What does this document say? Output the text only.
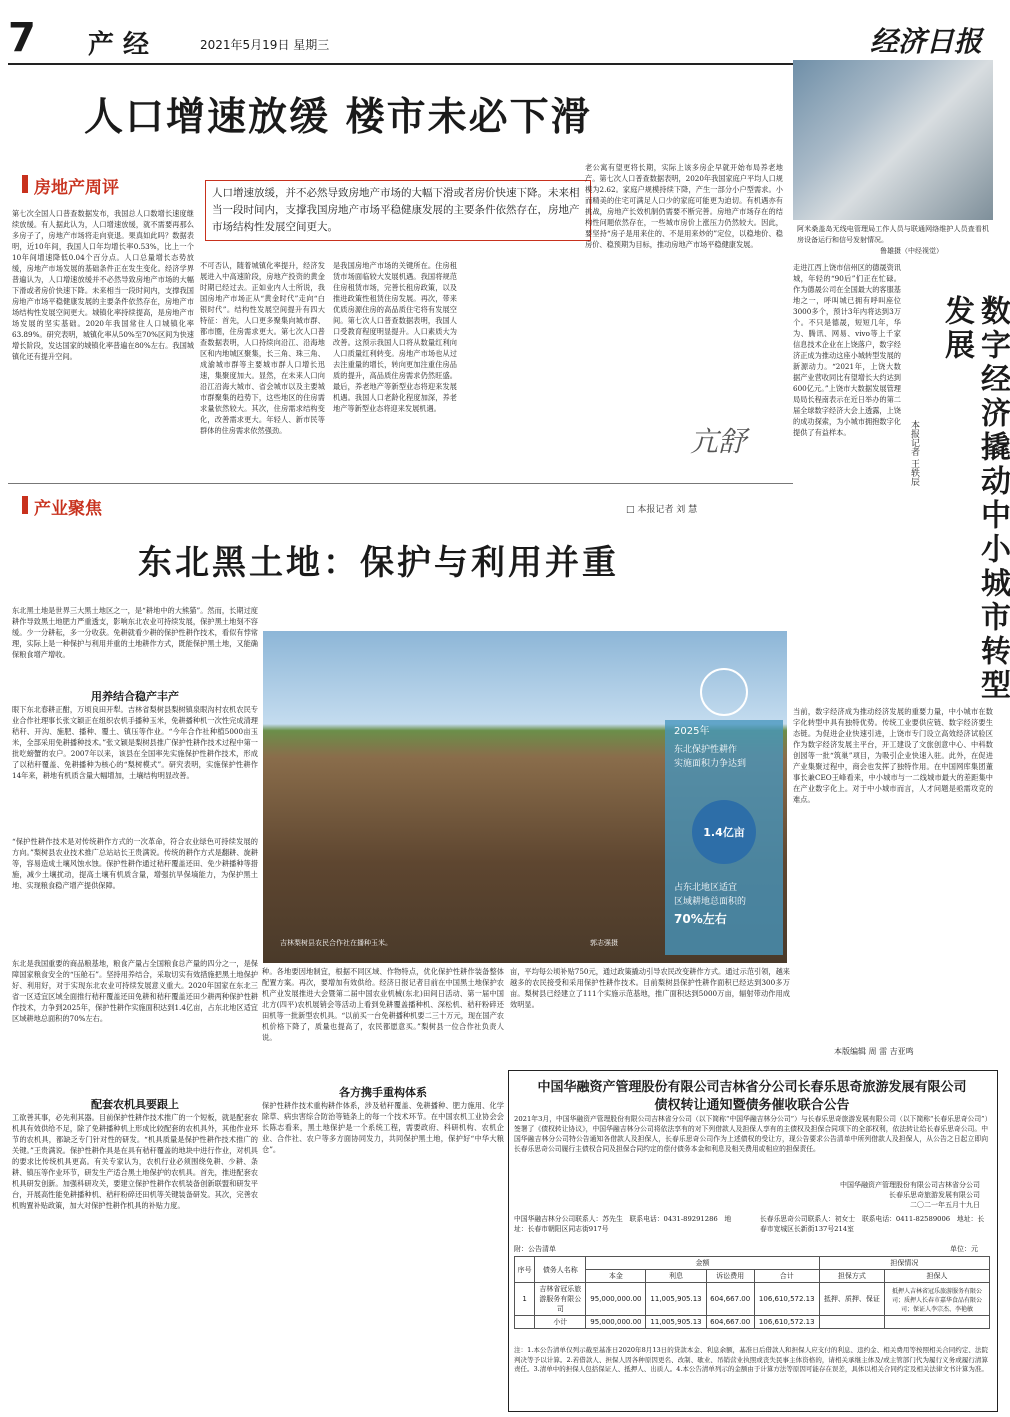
7 产 经	2021年5月19日 星期三	经济日报
人口增速放缓 楼市未必下滑
房地产周评	人口增速放缓，并不必然导致房地产市场的大幅下滑或者房价快速下降。未来相当一段时间内，支撑我国房地产市场平稳健康发展的主要条件依然存在，房地产市场结构性发展空间更大。
第七次全国人口普查数据发布，我国总人口数增长速度继续放缓。有人据此认为，人口增速放缓，就不需要再那么多房子了，房地产市场将走向衰退。果真如此吗？数据表明，近10年间，我国人口年均增长率0.53%，比上一个10年间增速降低0.04个百分点。人口总量增长态势放缓，房地产市场发展的基础条件正在发生变化。经济学界普遍认为，人口增速放缓并不必然导致房地产市场的大幅下滑或者房价快速下降。未来相当一段时间内，支撑我国房地产市场平稳健康发展的主要条件依然存在，房地产市场结构性发展空间更大。城镇化率持续提高，是房地产市场发展的坚实基础。2020年我国常住人口城镇化率63.89%。研究表明，城镇化率从50%至70%区间为快速增长阶段，发达国家的城镇化率普遍在80%左右。我国城镇化还有提升空间。
不可否认，随着城镇化率提升，经济发展进入中高速阶段，房地产投资的黄金时期已经过去。正如业内人士所说，我国房地产市场正从“黄金时代”走向“白银时代”。结构性发展空间提升有四大特征：首先，人口更多聚集向城市群、都市圈，住房需求更大。第七次人口普查数据表明，人口持续向沿江、沿海地区和内地城区聚集，长三角、珠三角、成渝城市群等主要城市群人口增长迅速，集聚度加大。显然，在未来人口向沿江沿海大城市、省会城市以及主要城市群聚集的趋势下，这些地区的住房需求量依然较大。其次，住房需求结构变化，改善需求更大。年轻人、新市民等群体的住房需求依然强劲。
是我国房地产市场的关键所在。住房租赁市场面临较大发展机遇。我国将规范住房租赁市场，完善长租房政策，以及推进政策性租赁住房发展。再次，带来优质房源住房的高品质住宅将有发展空间。第七次人口普查数据表明，我国人口受教育程度明显提升。人口素质大为改善。这预示我国人口将从数量红利向人口质量红利转变。房地产市场也从过去注重量的增长，转向更加注重住房品质的提升，高品质住房需求仍然旺盛。最后，养老地产等新型业态将迎来发展机遇。我国人口老龄化程度加深，养老地产等新型业态将迎来发展机遇。
老公寓有望更将长期，实际上该多房企早就开始布局养老地产。第七次人口普查数据表明，2020年我国家庭户平均人口规模为2.62。家庭户规模持续下降，产生一部分小户型需求。小而精美的住宅可满足人口少的家庭可能更为迫切。有机遇亦有挑战，房地产长效机制仍需要不断完善。房地产市场存在的结构性问题依然存在，一些城市房价上涨压力仍然较大。因此，要坚持“房子是用来住的、不是用来炒的”定位，以稳地价、稳房价、稳预期为目标，推动房地产市场平稳健康发展。
亢舒
产业聚焦	□ 本报记者 刘 慧
东北黑土地：保护与利用并重
东北黑土地是世界三大黑土地区之一，是“耕地中的大熊猫”。然而，长期过度耕作导致黑土地肥力严重透支，影响东北农业可持续发展，保护黑土地刻不容缓。少一分耕耘，多一分收获。免耕就看少耕的保护性耕作技术，看似有悖常理，实际上是一种保护与利用并重的土地耕作方式，既能保护黑土地，又能确保粮食增产增收。
用养结合稳产丰产
眼下东北春耕正酣，万顷良田开犁。吉林省梨树县梨树镇泉眼沟村农机农民专业合作社理事长张文颖正在组织农机手播种玉米，免耕播种机一次性完成清理秸秆、开沟、施肥、播种、覆土、镇压等作业。“今年合作社种植5000亩玉米，全部采用免耕播种技术。”张文颖是梨树县推广保护性耕作技术过程中第一批吃螃蟹的农户。2007年以来，该县在全国率先实施保护性耕作技术，形成了以秸秆覆盖、免耕播种为核心的“梨树模式”。研究表明，实施保护性耕作14年来，耕地有机质含量大幅增加，土壤结构明显改善。
“保护性耕作技术是对传统耕作方式的一次革命，符合农业绿色可持续发展的方向。”梨树县农业技术推广总站站长王贵满说。传统的耕作方式是翻耕、旋耕等，容易造成土壤风蚀水蚀。保护性耕作通过秸秆覆盖还田、免少耕播种等措施，减少土壤扰动，提高土壤有机质含量，增强抗旱保墒能力，为保护黑土地、实现粮食稳产增产提供保障。
种。各地要因地制宜，根据不同区域、作物特点，优化保护性耕作装备整体配置方案。再次，要增加有效供给。经济日报记者目前在中国黑土地保护农机产业发展推进大会暨第二届中国农业机械(东北)田间日活动、第一届中国北方(四平)农机展销会等活动上看到免耕覆盖播种机、深松机、秸秆粉碎还田机等一批新型农机具。“以前买一台免耕播种机要二三十万元，现在国产农机价格下降了，质量也提高了，农民都愿意买。”梨树县一位合作社负责人说。
东北是我国重要的商品粮基地，粮食产量占全国粮食总产量的四分之一，是保障国家粮食安全的“压舱石”。坚持用养结合，采取切实有效措施把黑土地保护好、利用好，对于实现东北农业可持续发展意义重大。2020年国家在东北三省一区适宜区域全面推行秸秆覆盖还田免耕和秸秆覆盖还田少耕两种保护性耕作技术，力争到2025年，保护性耕作实施面积达到1.4亿亩，占东北地区适宜区域耕地总面积的70%左右。
配套农机具要跟上
工欲善其事，必先利其器。目前保护性耕作技术推广的一个短板，就是配套农机具有效供给不足，除了免耕播种机上形成比较配套的农机具外，其他作业环节的农机具，都缺乏专门针对性的研发。“机具质量是保护性耕作技术推广的关键。”王贵满说。保护性耕作具是在具有秸秆覆盖的地块中进行作业，对机具的要求比传统机具更高。有关专家认为，农机行业必须围绕免耕、少耕、条耕、镇压等作业环节，研发生产适合黑土地保护的农机具。首先，推进配套农机具研发创新。加强科研攻关，要建立保护性耕作农机装备创新联盟和研发平台，开展高性能免耕播种机、秸秆粉碎还田机等关键装备研发。其次，完善农机购置补贴政策，加大对保护性耕作机具的补贴力度。
2025年
东北保护性耕作
实施面积力争达到
1.4亿亩
占东北地区适宜
区域耕地总面积的
70%左右
吉林梨树县农民合作社在播种玉米。	郭志强摄
各方携手重构体系
保护性耕作技术重构耕作体系，涉及秸秆覆盖、免耕播种、肥力施用、化学除草、病虫害综合防治等链条上的每一个技术环节。在中国农机工业协会会长陈志看来，黑土地保护是一个系统工程，需要政府、科研机构、农机企业、合作社、农户等多方面协同发力，共同保护黑土地，保护好“中华大粮仓”。
亩，平均每公顷补贴750元，通过政策撬动引导农民改变耕作方式。通过示范引领，越来越多的农民接受和采用保护性耕作技术。目前梨树县保护性耕作面积已经达到300多万亩。梨树县已经建立了111个实施示范基地，推广面积达到5000万亩，辐射带动作用成效明显。
阿米桑盖岛无线电管理局工作人员与联通网络维护人员查看机房设备运行和信号发射情况。
鲁雄摄（中经视觉）
数字经济撬动中小城市转型发展
本报记者 王轶辰
走进江西上饶市信州区的德晟资讯城，年轻的“90后”们正在忙碌。作为德晟公司在全国最大的客服基地之一，呼叫城已拥有呼叫座位3000多个，预计3年内将达到3万个。不只是德晟，短短几年，华为、腾讯、网易、vivo等上千家信息技术企业在上饶落户，数字经济正成为推动这座小城转型发展的新源动力。“2021年，上饶大数据产业营收同比有望增长大约达到600亿元。”上饶市大数据发展管理局局长程南表示在近日举办的第二届全球数字经济大会上透露，上饶的成功探索，为小城市拥抱数字化提供了有益样本。
当前，数字经济成为推动经济发展的重要力量，中小城市在数字化转型中具有独特优势。传统工业要供应链、数字经济要生态链。为促进企业快速引进，上饶市专门设立高效经济试验区作为数字经济发展主平台，开工建设了文旅创意中心、中科数创园等一批“筑巢”项目，为吸引企业快速入驻。此外，在促进产业集聚过程中，商会也发挥了独特作用。在中国网库集团董事长兼CEO王峰看来，中小城市与一二线城市最大的差距集中在产业数字化上。对于中小城市而言，人才问题是亟需攻克的难点。
本版编辑 周 雷 吉亚鸣
中国华融资产管理股份有限公司吉林省分公司长春乐思奇旅游发展有限公司
债权转让通知暨债务催收联合公告
2021年3月，中国华融资产管理股份有限公司吉林省分公司（以下简称“中国华融吉林分公司”）与长春乐思奇旅游发展有限公司（以下简称“长春乐思奇公司”）签署了《债权转让协议》，中国华融吉林分公司将依法享有的对下列借款人及担保人享有的主债权及担保合同项下的全部权利，依法转让给长春乐思奇公司。中国华融吉林分公司特公告通知各借款人及担保人，长春乐思奇公司作为上述债权的受让方，现公告要求公告清单中所列借款人及担保人，从公告之日起立即向长春乐思奇公司履行主债权合同及担保合同约定的偿付债务本金和利息及相关费用或相应的担保责任。
中国华融资产管理股份有限公司吉林省分公司
长春乐思奇旅游发展有限公司
二〇二一年五月十九日
中国华融吉林分公司联系人：苏先生　联系电话：0431-89291286　地址：长春市朝阳区同志街917号
长春乐思奇公司联系人：初女士　联系电话：0411-82589006　地址：长春市宽城区长新街137号214室
附：公告清单	单位：元
序号	债务人名称	金额				担保情况	
		本金	利息	诉讼费用	合计	担保方式	担保人
1	吉林省冠乐旅游服务有限公司	95,000,000.00	11,005,905.13	604,667.00	106,610,572.13	抵押、质押、保证	抵押人吉林省冠乐旅游服务有限公司；质押人长春市嘉华食品有限公司；保证人李宗杰、李艳敏
	小计	95,000,000.00	11,005,905.13	604,667.00	106,610,572.13		
注：1.本公告清单仅列示截至基准日2020年8月13日的贷款本金、利息余额，基准日后借款人和担保人应支付的利息、违约金、相关费用等按照相关合同约定、法院判决等予以计算。2.若借款人、担保人因各种原因更名、改制、歇业、吊销营业执照或丧失民事主体资格的，请相关承继主体及/或主管部门代为履行义务或履行清算责任。3.清单中的担保人包括保证人、抵押人、出质人。4.本公告清单列示的金额由于计算方法等原因可能存在误差，具体以相关合同约定及相关法律文书计算为准。
